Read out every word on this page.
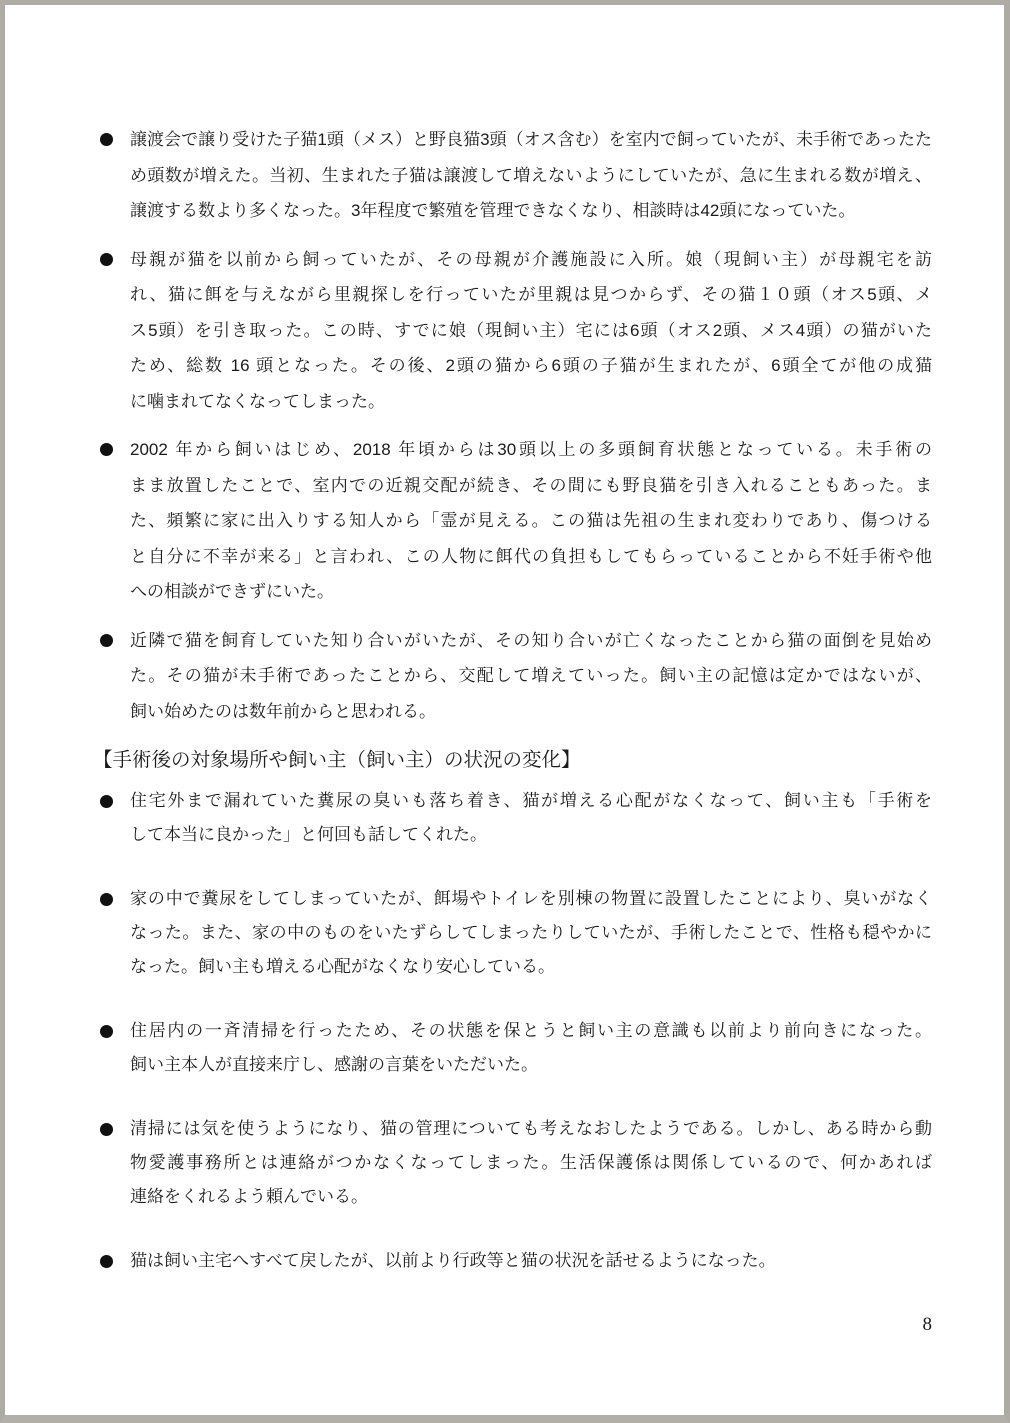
譲渡会で譲り受けた子猫1頭（メス）と野良猫3頭（オス含む）を室内で飼っていたが、未手術であったた
め頭数が増えた。当初、生まれた子猫は譲渡して増えないようにしていたが、急に生まれる数が増え、
譲渡する数より多くなった。3年程度で繁殖を管理できなくなり、相談時は42頭になっていた。
母親が猫を以前から飼っていたが、その母親が介護施設に入所。娘（現飼い主）が母親宅を訪
れ、猫に餌を与えながら里親探しを行っていたが里親は見つからず、その猫１０頭（オス5頭、メ
ス5頭）を引き取った。この時、すでに娘（現飼い主）宅には6頭（オス2頭、メス4頭）の猫がいた
ため、総数 16 頭となった。その後、2頭の猫から6頭の子猫が生まれたが、6頭全てが他の成猫
に噛まれてなくなってしまった。
2002 年から飼いはじめ、2018 年頃からは30頭以上の多頭飼育状態となっている。未手術の
まま放置したことで、室内での近親交配が続き、その間にも野良猫を引き入れることもあった。ま
た、頻繁に家に出入りする知人から「霊が見える。この猫は先祖の生まれ変わりであり、傷つける
と自分に不幸が来る」と言われ、この人物に餌代の負担もしてもらっていることから不妊手術や他
への相談ができずにいた。
近隣で猫を飼育していた知り合いがいたが、その知り合いが亡くなったことから猫の面倒を見始め
た。その猫が未手術であったことから、交配して増えていった。飼い主の記憶は定かではないが、
飼い始めたのは数年前からと思われる。
【手術後の対象場所や飼い主（飼い主）の状況の変化】
住宅外まで漏れていた糞尿の臭いも落ち着き、猫が増える心配がなくなって、飼い主も「手術を
して本当に良かった」と何回も話してくれた。
家の中で糞尿をしてしまっていたが、餌場やトイレを別棟の物置に設置したことにより、臭いがなく
なった。また、家の中のものをいたずらしてしまったりしていたが、手術したことで、性格も穏やかに
なった。飼い主も増える心配がなくなり安心している。
住居内の一斉清掃を行ったため、その状態を保とうと飼い主の意識も以前より前向きになった。
飼い主本人が直接来庁し、感謝の言葉をいただいた。
清掃には気を使うようになり、猫の管理についても考えなおしたようである。しかし、ある時から動
物愛護事務所とは連絡がつかなくなってしまった。生活保護係は関係しているので、何かあれば
連絡をくれるよう頼んでいる。
猫は飼い主宅へすべて戻したが、以前より行政等と猫の状況を話せるようになった。
8
